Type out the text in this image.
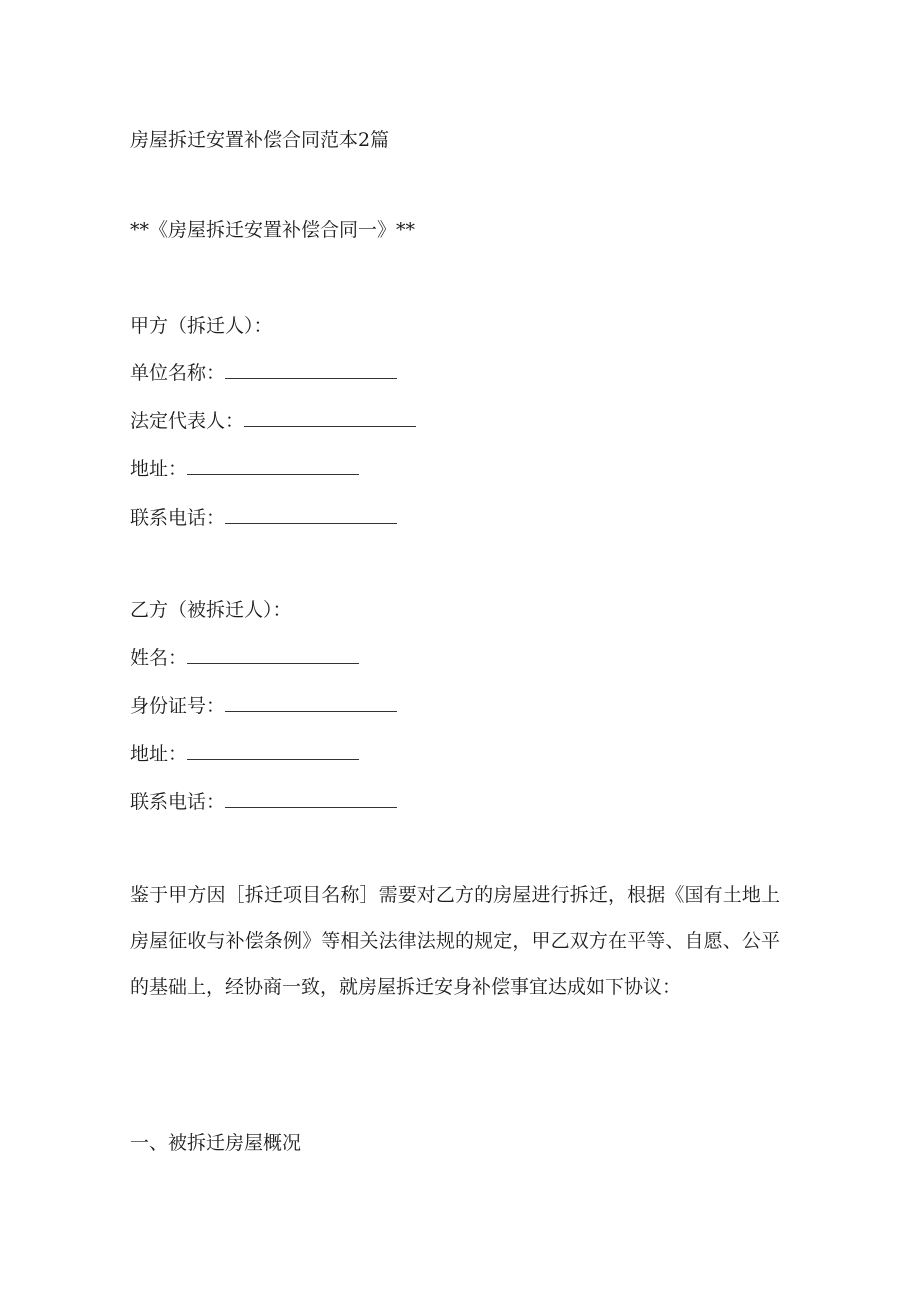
房屋拆迁安置补偿合同范本2篇
**《房屋拆迁安置补偿合同一》**
甲方（拆迁人）：
单位名称：
法定代表人：
地址：
联系电话：
乙方（被拆迁人）：
姓名：
身份证号：
地址：
联系电话：
鉴于甲方因［拆迁项目名称］需要对乙方的房屋进行拆迁，根据《国有土地上房屋征收与补偿条例》等相关法律法规的规定，甲乙双方在平等、自愿、公平的基础上，经协商一致，就房屋拆迁安身补偿事宜达成如下协议：
一、被拆迁房屋概况
